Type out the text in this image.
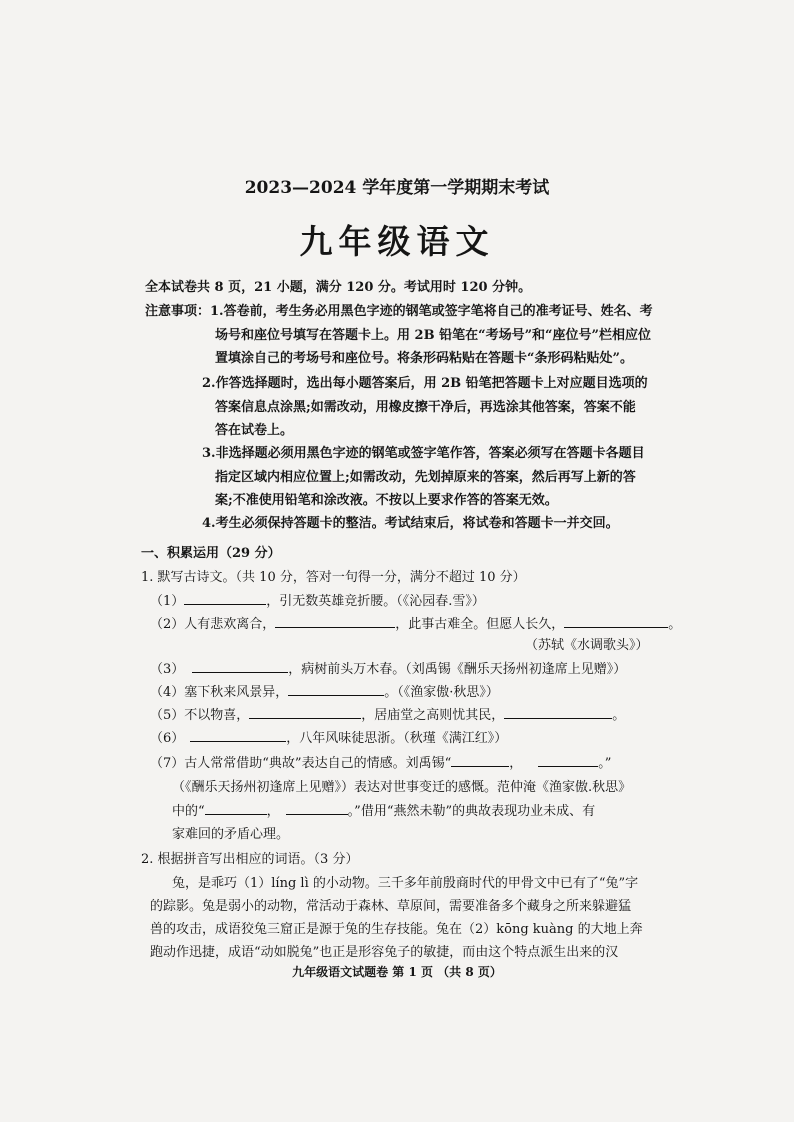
2023—2024 学年度第一学期期末考试
九年级语文
全本试卷共 8 页，21 小题，满分 120 分。考试用时 120 分钟。
注意事项：1.答卷前，考生务必用黑色字迹的钢笔或签字笔将自己的准考证号、姓名、考
场号和座位号填写在答题卡上。用 2B 铅笔在“考场号”和“座位号”栏相应位
置填涂自己的考场号和座位号。将条形码粘贴在答题卡“条形码粘贴处”。
2.作答选择题时，选出每小题答案后，用 2B 铅笔把答题卡上对应题目选项的
答案信息点涂黑;如需改动，用橡皮擦干净后，再选涂其他答案，答案不能
答在试卷上。
3.非选择题必须用黑色字迹的钢笔或签字笔作答，答案必须写在答题卡各题目
指定区域内相应位置上;如需改动，先划掉原来的答案，然后再写上新的答
案;不准使用铅笔和涂改液。不按以上要求作答的答案无效。
4.考生必须保持答题卡的整洁。考试结束后，将试卷和答题卡一并交回。
一、积累运用（29 分）
1. 默写古诗文。（共 10 分，答对一句得一分，满分不超过 10 分）
（1）	，引无数英雄竞折腰。（《沁园春.雪》）
（2）人有悲欢离合，	，此事古难全。但愿人长久，	。
（苏轼《水调歌头》）
（3）	，病树前头万木春。（刘禹锡《酬乐天扬州初逢席上见赠》）
（4）塞下秋来风景异，	。（《渔家傲·秋思》）
（5）不以物喜，	，居庙堂之高则忧其民，	。
（6）	，八年风味徒思浙。（秋瑾《满江红》）
（7）古人常常借助“典故”表达自己的情感。刘禹锡“	，	。”
（《酬乐天扬州初逢席上见赠》）表达对世事变迁的感慨。范仲淹《渔家傲.秋思》
中的“	，	。”借用“燕然未勒”的典故表现功业未成、有
家难回的矛盾心理。
2. 根据拼音写出相应的词语。（3 分）
兔，是乖巧（1）líng lì 的小动物。三千多年前殷商时代的甲骨文中已有了“兔”字
的踪影。兔是弱小的动物，常活动于森林、草原间，需要准备多个藏身之所来躲避猛
兽的攻击，成语狡兔三窟正是源于兔的生存技能。兔在（2）kōng kuàng 的大地上奔
跑动作迅捷，成语“动如脱兔”也正是形容兔子的敏捷，而由这个特点派生出来的汉
九年级语文试题卷 第 1 页 （共 8 页）
